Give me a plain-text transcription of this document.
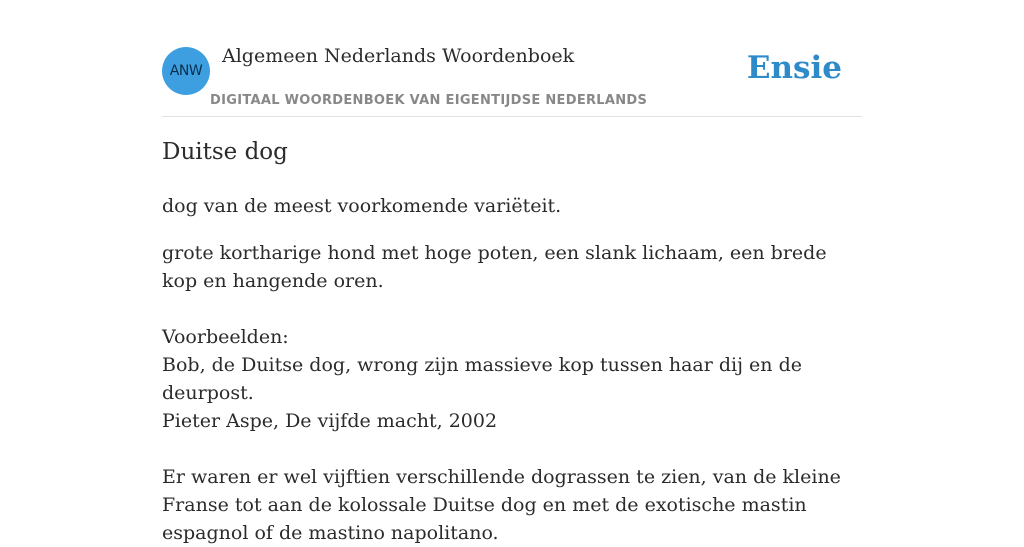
ANW
Algemeen Nederlands Woordenboek
DIGITAAL WOORDENBOEK VAN EIGENTIJDSE NEDERLANDS
Ensie
Duitse dog

dog van de meest voorkomende variëteit.

grote kortharige hond met hoge poten, een slank lichaam, een brede kop en hangende oren.

Voorbeelden:

Bob, de Duitse dog, wrong zijn massieve kop tussen haar dij en de deurpost.

Pieter Aspe, De vijfde macht, 2002

Er waren er wel vijftien verschillende dograssen te zien, van de kleine Franse tot aan de kolossale Duitse dog en met de exotische mastin espagnol of de mastino napolitano.
